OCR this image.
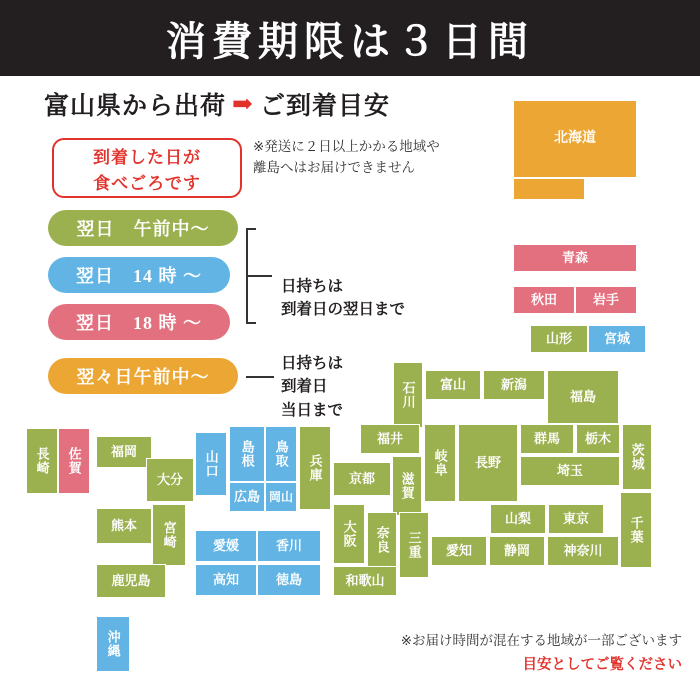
消費期限は３日間
富山県から出荷 ➡ ご到着目安
※発送に２日以上かかる地域や離島へはお届けできません
到着した日が
食べごろです
翌日　午前中〜
翌日　14 時 〜
翌日　18 時 〜
翌々日午前中〜
日持ちは
到着日の翌日まで
日持ちは
到着日
当日まで
北海道
青森
秋田	岩手
山形	宮城
石川	富山	新潟
福島
福井
岐阜	長野
群馬	栃木
茨城
滋賀
埼玉
京都
山梨	東京	千葉
大阪	奈良	三重	愛知	静岡	神奈川
和歌山
兵庫
島根	鳥取
山口
広島 岡山
愛媛	香川
高知	徳島
長崎	佐賀	福岡
大分
熊本	宮崎
鹿児島
沖縄	※お届け時間が混在する地域が一部ございます
目安としてご覧ください
